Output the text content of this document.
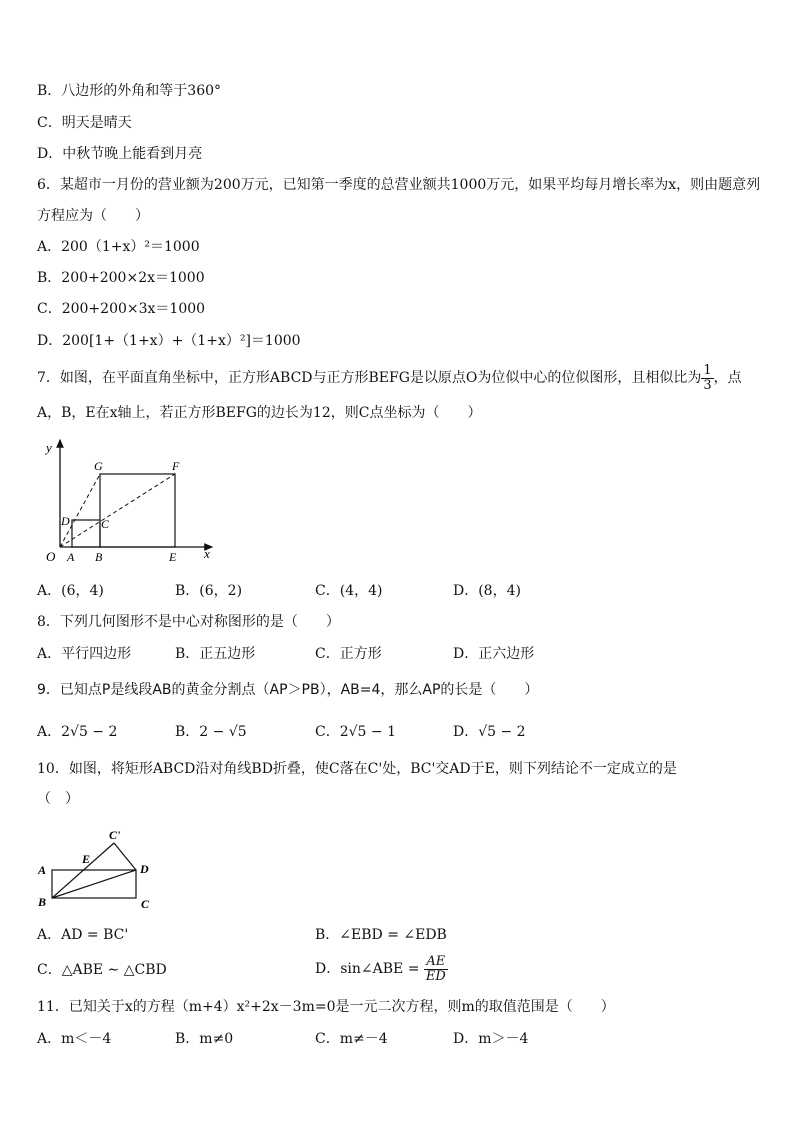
B．八边形的外角和等于360°
C．明天是晴天
D．中秋节晚上能看到月亮
6．某超市一月份的营业额为200万元，已知第一季度的总营业额共1000万元，如果平均每月增长率为x，则由题意列
方程应为（　　）
A．200（1+x）²＝1000
B．200+200×2x＝1000
C．200+200×3x＝1000
D．200[1+（1+x）+（1+x）²]＝1000
7．如图，在平面直角坐标中，正方形ABCD与正方形BEFG是以原点O为位似中心的位似图形，且相似比为 $\frac{1}{3}$ ，点
A，B，E在x轴上，若正方形BEFG的边长为12，则C点坐标为（　　）
y
x
O A B	E
G	F
D	C
A．(6，4)	B．(6，2)	C．(4，4)	D．(8，4)
8．下列几何图形不是中心对称图形的是（　　）
A．平行四边形	B．正五边形	C．正方形	D．正六边形
9．已知点P是线段AB的黄金分割点（AP＞PB），AB=4，那么AP的长是（　　）
A．2√5 − 2	B．2 − √5	C．2√5 − 1	D．√5 − 2
10．如图，将矩形ABCD沿对角线BD折叠，使C落在C'处，BC'交AD于E，则下列结论不一定成立的是
（　）
A
B	C
D
E
C'
A．AD = BC'	B．∠EBD = ∠EDB
C．△ABE ∼ △CBD	D．sin∠ABE = $\frac{AE}{ED}$
11．已知关于x的方程（m+4）x²+2x－3m=0是一元二次方程，则m的取值范围是（　　）
A．m＜－4	B．m≠0	C．m≠－4	D．m＞－4
